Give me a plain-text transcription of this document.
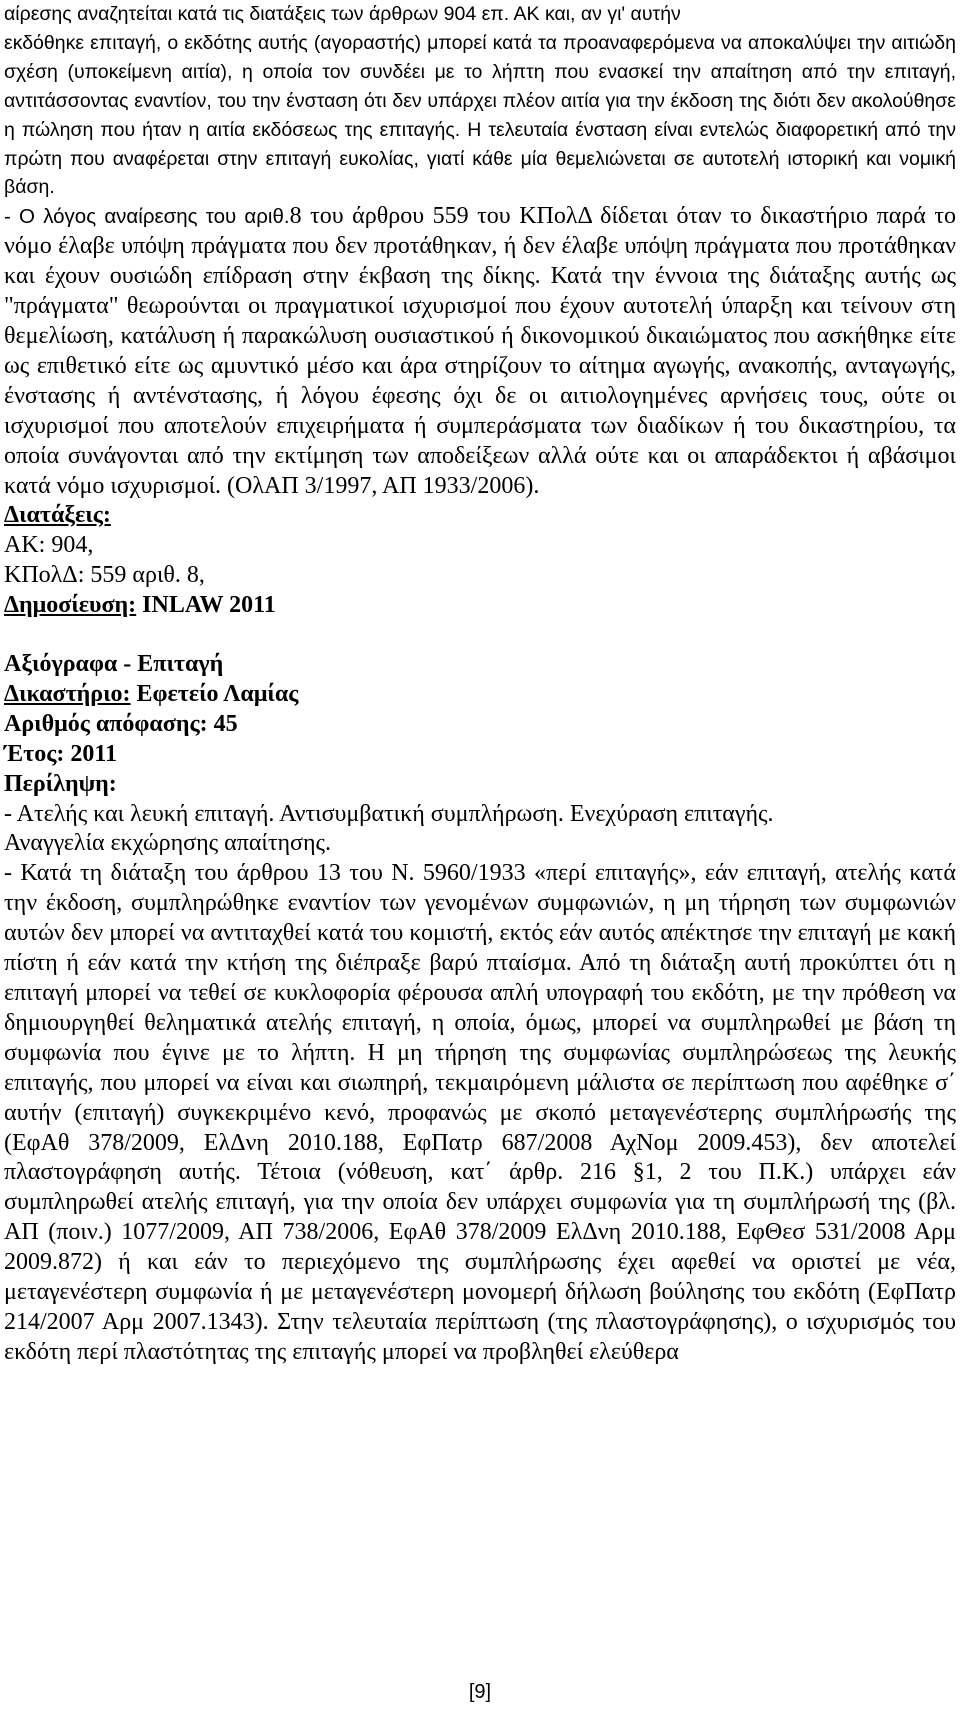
αίρεσης αναζητείται κατά τις διατάξεις των άρθρων 904 επ. ΑΚ και, αν γι' αυτήν

εκδόθηκε επιταγή, ο εκδότης αυτής (αγοραστής) μπορεί κατά τα προαναφερόμενα να αποκαλύψει την αιτιώδη σχέση (υποκείμενη αιτία), η οποία τον συνδέει με το λήπτη που ενασκεί την απαίτηση από την επιταγή, αντιτάσσοντας εναντίον, του την ένσταση ότι δεν υπάρχει πλέον αιτία για την έκδοση της διότι δεν ακολούθησε η πώληση που ήταν η αιτία εκδόσεως της επιταγής. Η τελευταία ένσταση είναι εντελώς διαφορετική από την πρώτη που αναφέρεται στην επιταγή ευκολίας, γιατί κάθε μία θεμελιώνεται σε αυτοτελή ιστορική και νομική βάση.

- Ο λόγος αναίρεσης του αριθ.8 του άρθρου 559 του ΚΠολΔ δίδεται όταν το δικαστήριο παρά το νόμο έλαβε υπόψη πράγματα που δεν προτάθηκαν, ή δεν έλαβε υπόψη πράγματα που προτάθηκαν και έχουν ουσιώδη επίδραση στην έκβαση της δίκης. Κατά την έννοια της διάταξης αυτής ως "πράγματα" θεωρούνται οι πραγματικοί ισχυρισμοί που έχουν αυτοτελή ύπαρξη και τείνουν στη θεμελίωση, κατάλυση ή παρακώλυση ουσιαστικού ή δικονομικού δικαιώματος που ασκήθηκε είτε ως επιθετικό είτε ως αμυντικό μέσο και άρα στηρίζουν το αίτημα αγωγής, ανακοπής, ανταγωγής, ένστασης ή αντένστασης, ή λόγου έφεσης όχι δε οι αιτιολογημένες αρνήσεις τους, ούτε οι ισχυρισμοί που αποτελούν επιχειρήματα ή συμπεράσματα των διαδίκων ή του δικαστηρίου, τα οποία συνάγονται από την εκτίμηση των αποδείξεων αλλά ούτε και οι απαράδεκτοι ή αβάσιμοι κατά νόμο ισχυρισμοί. (ΟλΑΠ 3/1997, ΑΠ 1933/2006).

Διατάξεις:

ΑΚ: 904,

ΚΠολΔ: 559 αριθ. 8,

Δημοσίευση: INLAW 2011

Αξιόγραφα - Επιταγή

Δικαστήριο: Εφετείο Λαμίας

Αριθμός απόφασης: 45

Έτος: 2011

Περίληψη:

- Ατελής και λευκή επιταγή. Αντισυμβατική συμπλήρωση. Ενεχύραση επιταγής.

Αναγγελία εκχώρησης απαίτησης.

- Κατά τη διάταξη του άρθρου 13 του Ν. 5960/1933 «περί επιταγής», εάν επιταγή, ατελής κατά την έκδοση, συμπληρώθηκε εναντίον των γενομένων συμφωνιών, η μη τήρηση των συμφωνιών αυτών δεν μπορεί να αντιταχθεί κατά του κομιστή, εκτός εάν αυτός απέκτησε την επιταγή με κακή πίστη ή εάν κατά την κτήση της διέπραξε βαρύ πταίσμα. Από τη διάταξη αυτή προκύπτει ότι η επιταγή μπορεί να τεθεί σε κυκλοφορία φέρουσα απλή υπογραφή του εκδότη, με την πρόθεση να δημιουργηθεί θεληματικά ατελής επιταγή, η οποία, όμως, μπορεί να συμπληρωθεί με βάση τη συμφωνία που έγινε με το λήπτη. Η μη τήρηση της συμφωνίας συμπληρώσεως της λευκής επιταγής, που μπορεί να είναι και σιωπηρή, τεκμαιρόμενη μάλιστα σε περίπτωση που αφέθηκε σ΄ αυτήν (επιταγή) συγκεκριμένο κενό, προφανώς με σκοπό μεταγενέστερης συμπλήρωσής της (ΕφΑθ 378/2009, ΕλΔνη 2010.188, ΕφΠατρ 687/2008 ΑχΝομ 2009.453), δεν αποτελεί πλαστογράφηση αυτής. Τέτοια (νόθευση, κατ΄ άρθρ. 216 §1, 2 του Π.Κ.) υπάρχει εάν συμπληρωθεί ατελής επιταγή, για την οποία δεν υπάρχει συμφωνία για τη συμπλήρωσή της (βλ. ΑΠ (ποιν.) 1077/2009, ΑΠ 738/2006, ΕφΑθ 378/2009 ΕλΔνη 2010.188, ΕφΘεσ 531/2008 Αρμ 2009.872) ή και εάν το περιεχόμενο της συμπλήρωσης έχει αφεθεί να οριστεί με νέα, μεταγενέστερη συμφωνία ή με μεταγενέστερη μονομερή δήλωση βούλησης του εκδότη (ΕφΠατρ 214/2007 Αρμ 2007.1343). Στην τελευταία περίπτωση (της πλαστογράφησης), ο ισχυρισμός του εκδότη περί πλαστότητας της επιταγής μπορεί να προβληθεί ελεύθερα

[9]
